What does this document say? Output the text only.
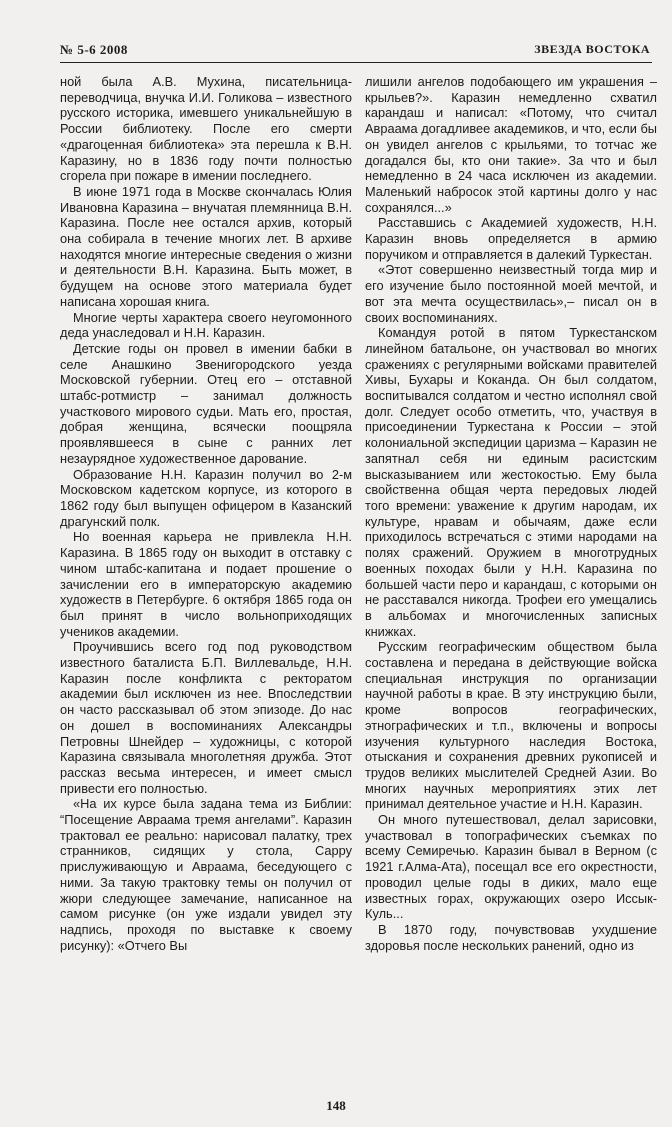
№ 5-6 2008	ЗВЕЗДА ВОСТОКА

ной была А.В. Мухина, писательница-переводчица, внучка И.И. Голикова – известного русского историка, имевшего уникальнейшую в России библиотеку. После его смерти «драгоценная библиотека» эта перешла к В.Н. Каразину, но в 1836 году почти полностью сгорела при пожаре в имении последнего.

В июне 1971 года в Москве скончалась Юлия Ивановна Каразина – внучатая племянница В.Н. Каразина. После нее остался архив, который она собирала в течение многих лет. В архиве находятся многие интересные сведения о жизни и деятельности В.Н. Каразина. Быть может, в будущем на основе этого материала будет написана хорошая книга.

Многие черты характера своего неугомонного деда унаследовал и Н.Н. Каразин.

Детские годы он провел в имении бабки в селе Анашкино Звенигородского уезда Московской губернии. Отец его – отставной штабс-ротмистр – занимал должность участкового мирового судьи. Мать его, простая, добрая женщина, всячески поощряла проявлявшееся в сыне с ранних лет незаурядное художественное дарование.

Образование Н.Н. Каразин получил во 2-м Московском кадетском корпусе, из которого в 1862 году был выпущен офицером в Казанский драгунский полк.

Но военная карьера не привлекла Н.Н. Каразина. В 1865 году он выходит в отставку с чином штабс-капитана и подает прошение о зачислении его в императорскую академию художеств в Петербурге. 6 октября 1865 года он был принят в число вольноприходящих учеников академии.

Проучившись всего год под руководством известного баталиста Б.П. Виллевальде, Н.Н. Каразин после конфликта с ректоратом академии был исключен из нее. Впоследствии он часто рассказывал об этом эпизоде. До нас он дошел в воспоминаниях Александры Петровны Шнейдер – художницы, с которой Каразина связывала многолетняя дружба. Этот рассказ весьма интересен, и имеет смысл привести его полностью.

«На их курсе была задана тема из Библии: “Посещение Авраама тремя ангелами”. Каразин трактовал ее реально: нарисовал палатку, трех странников, сидящих у стола, Сарру прислуживающую и Авраама, беседующего с ними. За такую трактовку темы он получил от жюри следующее замечание, написанное на самом рисунке (он уже издали увидел эту надпись, проходя по выставке к своему рисунку): «Отчего Вы

лишили ангелов подобающего им украшения – крыльев?». Каразин немедленно схватил карандаш и написал: «Потому, что считал Авраама догадливее академиков, и что, если бы он увидел ангелов с крыльями, то тотчас же догадался бы, кто они такие». За что и был немедленно в 24 часа исключен из академии. Маленький набросок этой картины долго у нас сохранялся...»

Расставшись с Академией художеств, Н.Н. Каразин вновь определяется в армию поручиком и отправляется в далекий Туркестан.

«Этот совершенно неизвестный тогда мир и его изучение было постоянной моей мечтой, и вот эта мечта осуществилась»,– писал он в своих воспоминаниях.

Командуя ротой в пятом Туркестанском линейном батальоне, он участвовал во многих сражениях с регулярными войсками правителей Хивы, Бухары и Коканда. Он был солдатом, воспитывался солдатом и честно исполнял свой долг. Следует особо отметить, что, участвуя в присоединении Туркестана к России – этой колониальной экспедиции царизма – Каразин не запятнал себя ни единым расистским высказыванием или жестокостью. Ему была свойственна общая черта передовых людей того времени: уважение к другим народам, их культуре, нравам и обычаям, даже если приходилось встречаться с этими народами на полях сражений. Оружием в многотрудных военных походах были у Н.Н. Каразина по большей части перо и карандаш, с которыми он не расставался никогда. Трофеи его умещались в альбомах и многочисленных записных книжках.

Русским географическим обществом была составлена и передана в действующие войска специальная инструкция по организации научной работы в крае. В эту инструкцию были, кроме вопросов географических, этнографических и т.п., включены и вопросы изучения культурного наследия Востока, отыскания и сохранения древних рукописей и трудов великих мыслителей Средней Азии. Во многих научных мероприятиях этих лет принимал деятельное участие и Н.Н. Каразин.

Он много путешествовал, делал зарисовки, участвовал в топографических съемках по всему Семиречью. Каразин бывал в Верном (с 1921 г.Алма-Ата), посещал все его окрестности, проводил целые годы в диких, мало еще известных горах, окружающих озеро Иссык-Куль...

В 1870 году, почувствовав ухудшение здоровья после нескольких ранений, одно из

148
